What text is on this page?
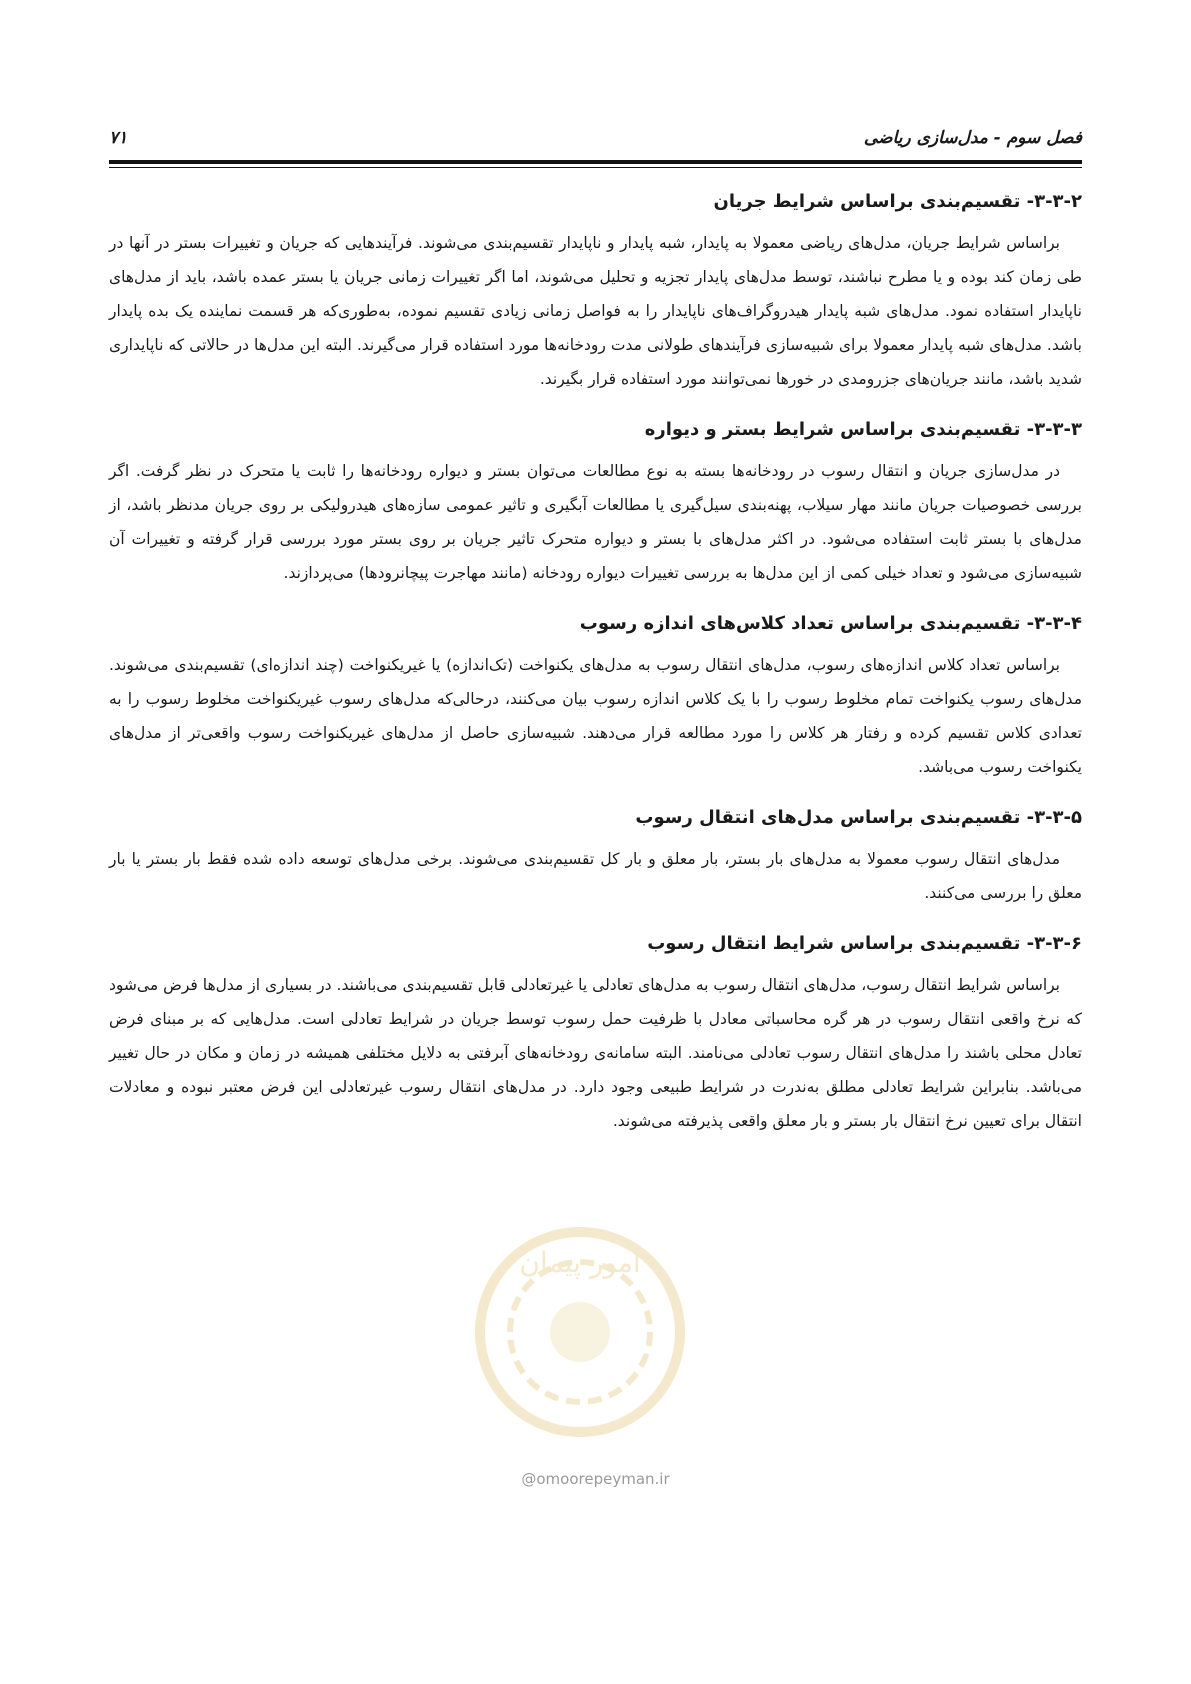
فصل سوم - مدل‌سازی ریاضی
۷۱
۳-۳-۲- تقسیم‌بندی براساس شرایط جریان

براساس شرایط جریان، مدل‌های ریاضی معمولا به پایدار، شبه پایدار و ناپایدار تقسیم‌بندی می‌شوند. فرآیندهایی که جریان و تغییرات بستر در آنها در طی زمان کند بوده و یا مطرح نباشند، توسط مدل‌های پایدار تجزیه و تحلیل می‌شوند، اما اگر تغییرات زمانی جریان یا بستر عمده باشد، باید از مدل‌های ناپایدار استفاده نمود. مدل‌های شبه پایدار هیدروگراف‌های ناپایدار را به فواصل زمانی زیادی تقسیم نموده، به‌طوری‌که هر قسمت نماینده یک بده پایدار باشد. مدل‌های شبه پایدار معمولا برای شبیه‌سازی فرآیندهای طولانی مدت رودخانه‌ها مورد استفاده قرار می‌گیرند. البته این مدل‌ها در حالاتی که ناپایداری شدید باشد، مانند جریان‌های جزرومدی در خورها نمی‌توانند مورد استفاده قرار بگیرند.

۳-۳-۳- تقسیم‌بندی براساس شرایط بستر و دیواره

در مدل‌سازی جریان و انتقال رسوب در رودخانه‌ها بسته به نوع مطالعات می‌توان بستر و دیواره رودخانه‌ها را ثابت یا متحرک در نظر گرفت. اگر بررسی خصوصیات جریان مانند مهار سیلاب، پهنه‌بندی سیل‌گیری یا مطالعات آبگیری و تاثیر عمومی سازه‌های هیدرولیکی بر روی جریان مدنظر باشد، از مدل‌های با بستر ثابت استفاده می‌شود. در اکثر مدل‌های با بستر و دیواره متحرک تاثیر جریان بر روی بستر مورد بررسی قرار گرفته و تغییرات آن شبیه‌سازی می‌شود و تعداد خیلی کمی از این مدل‌ها به بررسی تغییرات دیواره رودخانه (مانند مهاجرت پیچانرودها) می‌پردازند.

۳-۳-۴- تقسیم‌بندی براساس تعداد کلاس‌های اندازه رسوب

براساس تعداد کلاس اندازه‌های رسوب، مدل‌های انتقال رسوب به مدل‌های یکنواخت (تک‌اندازه) یا غیریکنواخت (چند اندازه‌ای) تقسیم‌بندی می‌شوند. مدل‌های رسوب یکنواخت تمام مخلوط رسوب را با یک کلاس اندازه رسوب بیان می‌کنند، درحالی‌که مدل‌های رسوب غیریکنواخت مخلوط رسوب را به تعدادی کلاس تقسیم کرده و رفتار هر کلاس را مورد مطالعه قرار می‌دهند. شبیه‌سازی حاصل از مدل‌های غیریکنواخت رسوب واقعی‌تر از مدل‌های یکنواخت رسوب می‌باشد.

۳-۳-۵- تقسیم‌بندی براساس مدل‌های انتقال رسوب

مدل‌های انتقال رسوب معمولا به مدل‌های بار بستر، بار معلق و بار کل تقسیم‌بندی می‌شوند. برخی مدل‌های توسعه داده شده فقط بار بستر یا بار معلق را بررسی می‌کنند.

۳-۳-۶- تقسیم‌بندی براساس شرایط انتقال رسوب

براساس شرایط انتقال رسوب، مدل‌های انتقال رسوب به مدل‌های تعادلی یا غیرتعادلی قابل تقسیم‌بندی می‌باشند. در بسیاری از مدل‌ها فرض می‌شود که نرخ واقعی انتقال رسوب در هر گره محاسباتی معادل با ظرفیت حمل رسوب توسط جریان در شرایط تعادلی است. مدل‌هایی که بر مبنای فرض تعادل محلی باشند را مدل‌های انتقال رسوب تعادلی می‌نامند. البته سامانه‌ی رودخانه‌های آبرفتی به دلایل مختلفی همیشه در زمان و مکان در حال تغییر می‌باشد. بنابراین شرایط تعادلی مطلق به‌ندرت در شرایط طبیعی وجود دارد. در مدل‌های انتقال رسوب غیرتعادلی این فرض معتبر نبوده و معادلات انتقال برای تعیین نرخ انتقال بار بستر و بار معلق واقعی پذیرفته می‌شوند.

امور پیمان
@omoorepeyman.ir
